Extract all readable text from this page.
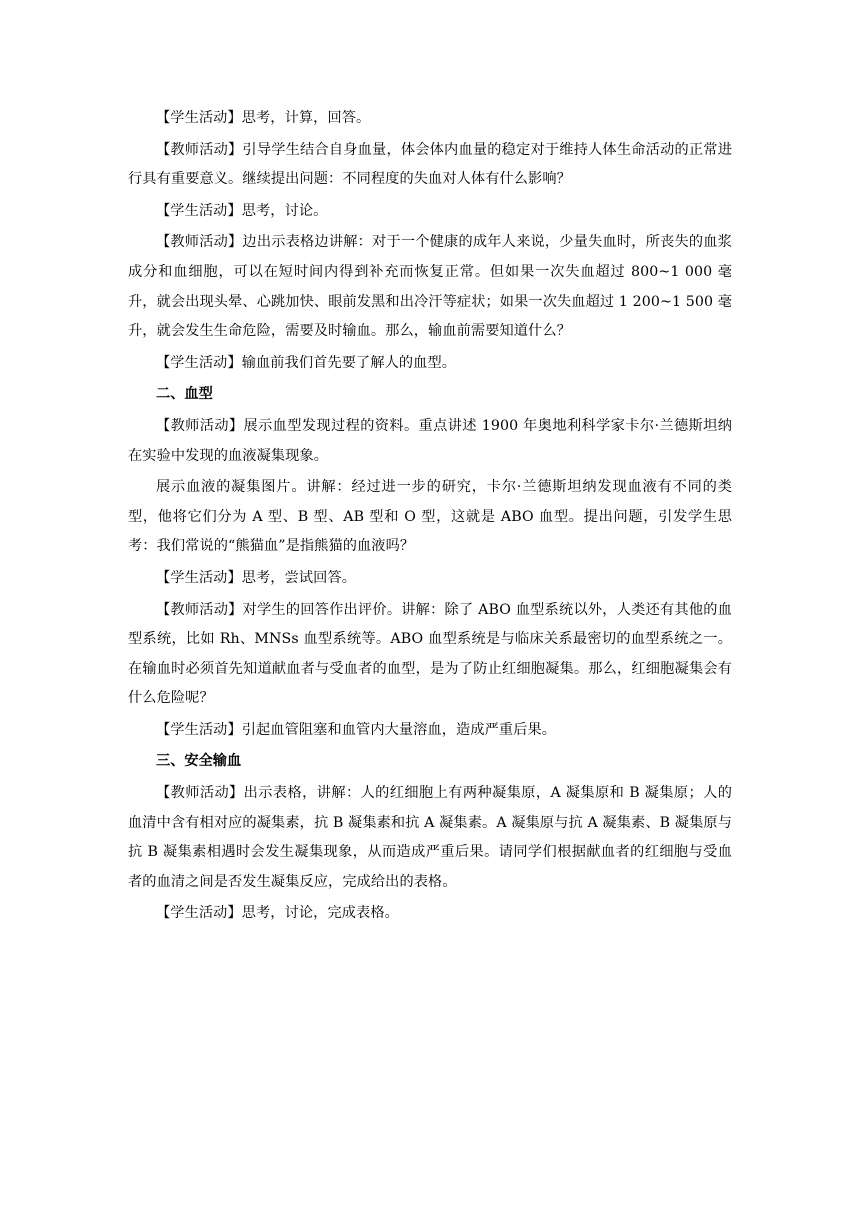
【学生活动】思考，计算，回答。

【教师活动】引导学生结合自身血量，体会体内血量的稳定对于维持人体生命活动的正常进行具有重要意义。继续提出问题：不同程度的失血对人体有什么影响？

【学生活动】思考，讨论。

【教师活动】边出示表格边讲解：对于一个健康的成年人来说，少量失血时，所丧失的血浆成分和血细胞，可以在短时间内得到补充而恢复正常。但如果一次失血超过 800~1 000 毫升，就会出现头晕、心跳加快、眼前发黑和出冷汗等症状；如果一次失血超过 1 200~1 500 毫升，就会发生生命危险，需要及时输血。那么，输血前需要知道什么？

【学生活动】输血前我们首先要了解人的血型。

二、血型

【教师活动】展示血型发现过程的资料。重点讲述 1900 年奥地利科学家卡尔·兰德斯坦纳在实验中发现的血液凝集现象。

展示血液的凝集图片。讲解：经过进一步的研究，卡尔·兰德斯坦纳发现血液有不同的类型，他将它们分为 A 型、B 型、AB 型和 O 型，这就是 ABO 血型。提出问题，引发学生思考：我们常说的“熊猫血”是指熊猫的血液吗？

【学生活动】思考，尝试回答。

【教师活动】对学生的回答作出评价。讲解：除了 ABO 血型系统以外，人类还有其他的血型系统，比如 Rh、MNSs 血型系统等。ABO 血型系统是与临床关系最密切的血型系统之一。在输血时必须首先知道献血者与受血者的血型，是为了防止红细胞凝集。那么，红细胞凝集会有什么危险呢？

【学生活动】引起血管阻塞和血管内大量溶血，造成严重后果。

三、安全输血

【教师活动】出示表格，讲解：人的红细胞上有两种凝集原，A 凝集原和 B 凝集原；人的血清中含有相对应的凝集素，抗 B 凝集素和抗 A 凝集素。A 凝集原与抗 A 凝集素、B 凝集原与抗 B 凝集素相遇时会发生凝集现象，从而造成严重后果。请同学们根据献血者的红细胞与受血者的血清之间是否发生凝集反应，完成给出的表格。

【学生活动】思考，讨论，完成表格。
